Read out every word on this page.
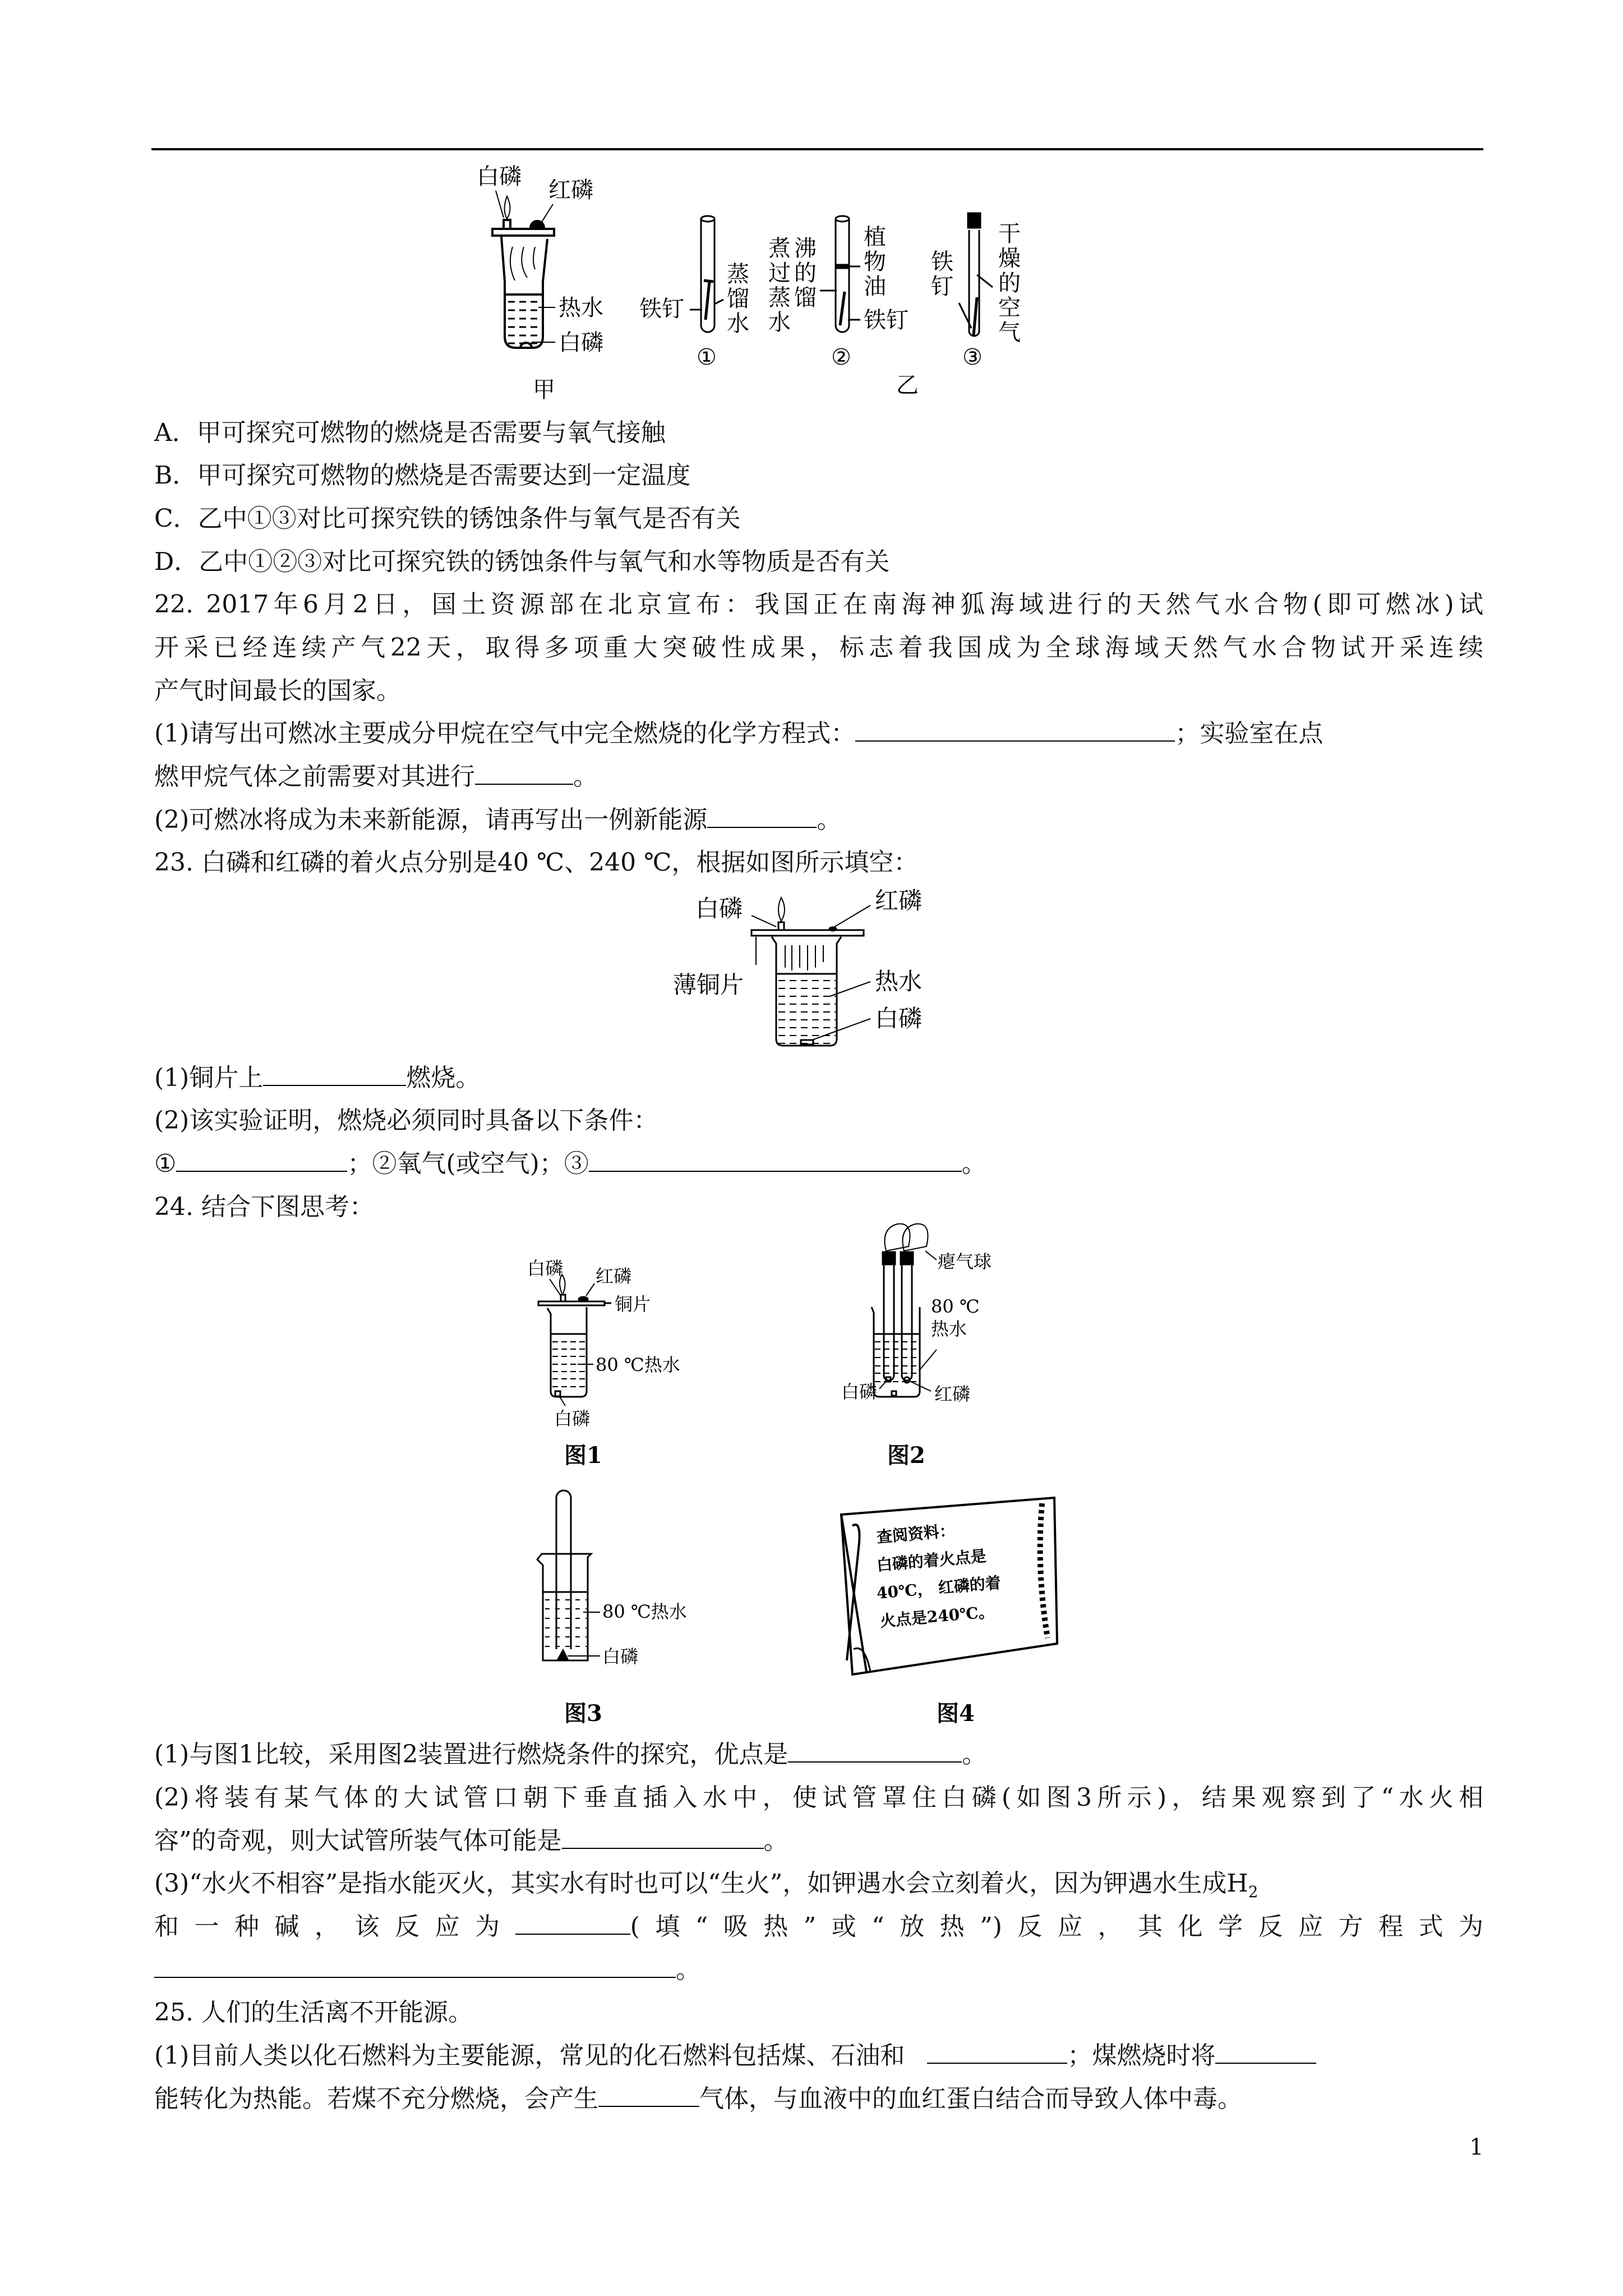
白磷
红磷
热水
白磷
甲
铁钉
蒸馏水
①
煮过蒸水 沸的馏
植物油
铁钉
②
乙
铁钉
干燥的空气
③
A．甲可探究可燃物的燃烧是否需要与氧气接触
B．甲可探究可燃物的燃烧是否需要达到一定温度
C．乙中①③对比可探究铁的锈蚀条件与氧气是否有关
D．乙中①②③对比可探究铁的锈蚀条件与氧气和水等物质是否有关
22. 2017年6月2日，国土资源部在北京宣布：我国正在南海神狐海域进行的天然气水合物(即可燃冰)试
开采已经连续产气22天，取得多项重大突破性成果，标志着我国成为全球海域天然气水合物试开采连续
产气时间最长的国家。
(1)请写出可燃冰主要成分甲烷在空气中完全燃烧的化学方程式：	；实验室在点
燃甲烷气体之前需要对其进行	。
(2)可燃冰将成为未来新能源，请再写出一例新能源	。
23. 白磷和红磷的着火点分别是40 ℃、240 ℃，根据如图所示填空：
白磷	红磷
薄铜片	热水
白磷
(1)铜片上	燃烧。
(2)该实验证明，燃烧必须同时具备以下条件：
①	；②氧气(或空气)；③	。
24. 结合下图思考：
白磷 红磷
铜片
80 ℃热水
白磷
图1
瘪气球
80 ℃
热水
白磷	红磷
图2
80 ℃热水
白磷
图3
查阅资料：
白磷的着火点是
40℃， 红磷的着
火点是240℃。
图4
(1)与图1比较，采用图2装置进行燃烧条件的探究，优点是	。
(2)将装有某气体的大试管口朝下垂直插入水中，使试管罩住白磷(如图3所示)，结果观察到了“水火相
容”的奇观，则大试管所装气体可能是	。
(3)“水火不相容”是指水能灭火，其实水有时也可以“生火”，如钾遇水会立刻着火，因为钾遇水生成$H_2$
和一种碱，该反应为	(填“吸热”或“放热”)反应，其化学反应方程式为
。
25. 人们的生活离不开能源。
(1)目前人类以化石燃料为主要能源，常见的化石燃料包括煤、石油和	；煤燃烧时将
能转化为热能。若煤不充分燃烧，会产生	气体，与血液中的血红蛋白结合而导致人体中毒。
1
